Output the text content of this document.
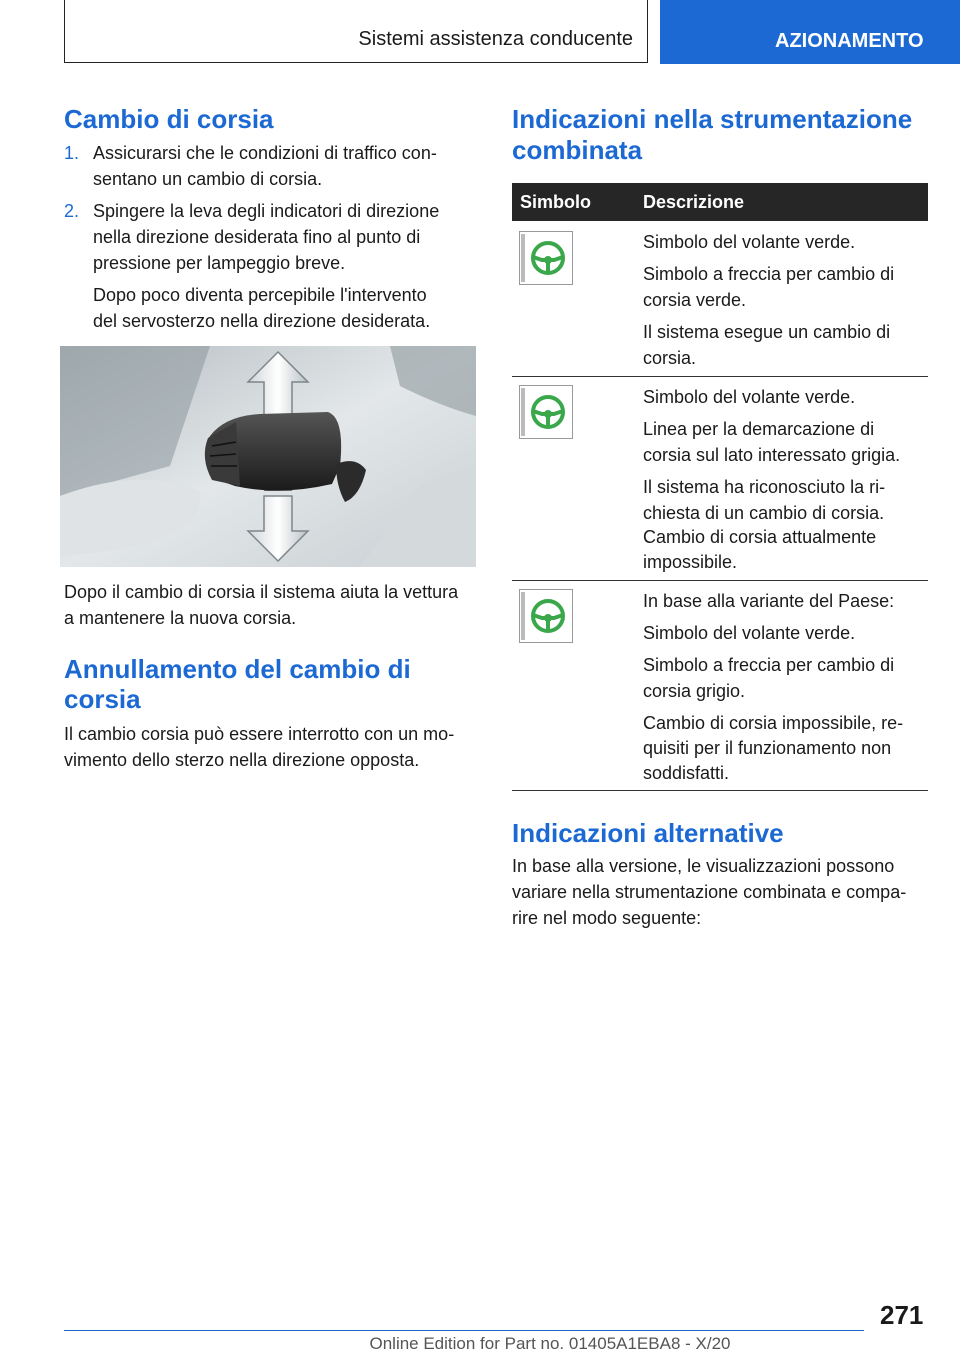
Sistemi assistenza conducente	AZIONAMENTO
Cambio di corsia
1. Assicurarsi che le condizioni di traffico con-

sentano un cambio di corsia.

2. Spingere la leva degli indicatori di direzione

nella direzione desiderata fino al punto di

pressione per lampeggio breve.

Dopo poco diventa percepibile l'intervento

del servosterzo nella direzione desiderata.

Dopo il cambio di corsia il sistema aiuta la vettura

a mantenere la nuova corsia.

Annullamento del cambio di
corsia

Il cambio corsia può essere interrotto con un mo-

vimento dello sterzo nella direzione opposta.

Indicazioni nella strumentazione
combinata
Simbolo	Descrizione

Simbolo del volante verde.

Simbolo a freccia per cambio di

corsia verde.

Il sistema esegue un cambio di

corsia.

Simbolo del volante verde.

Linea per la demarcazione di

corsia sul lato interessato grigia.

Il sistema ha riconosciuto la ri-

chiesta di un cambio di corsia.

Cambio di corsia attualmente

impossibile.

In base alla variante del Paese:

Simbolo del volante verde.

Simbolo a freccia per cambio di

corsia grigio.

Cambio di corsia impossibile, re-

quisiti per il funzionamento non

soddisfatti.

Indicazioni alternative

In base alla versione, le visualizzazioni possono

variare nella strumentazione combinata e compa-

rire nel modo seguente:

271
Online Edition for Part no. 01405A1EBA8 - X/20
